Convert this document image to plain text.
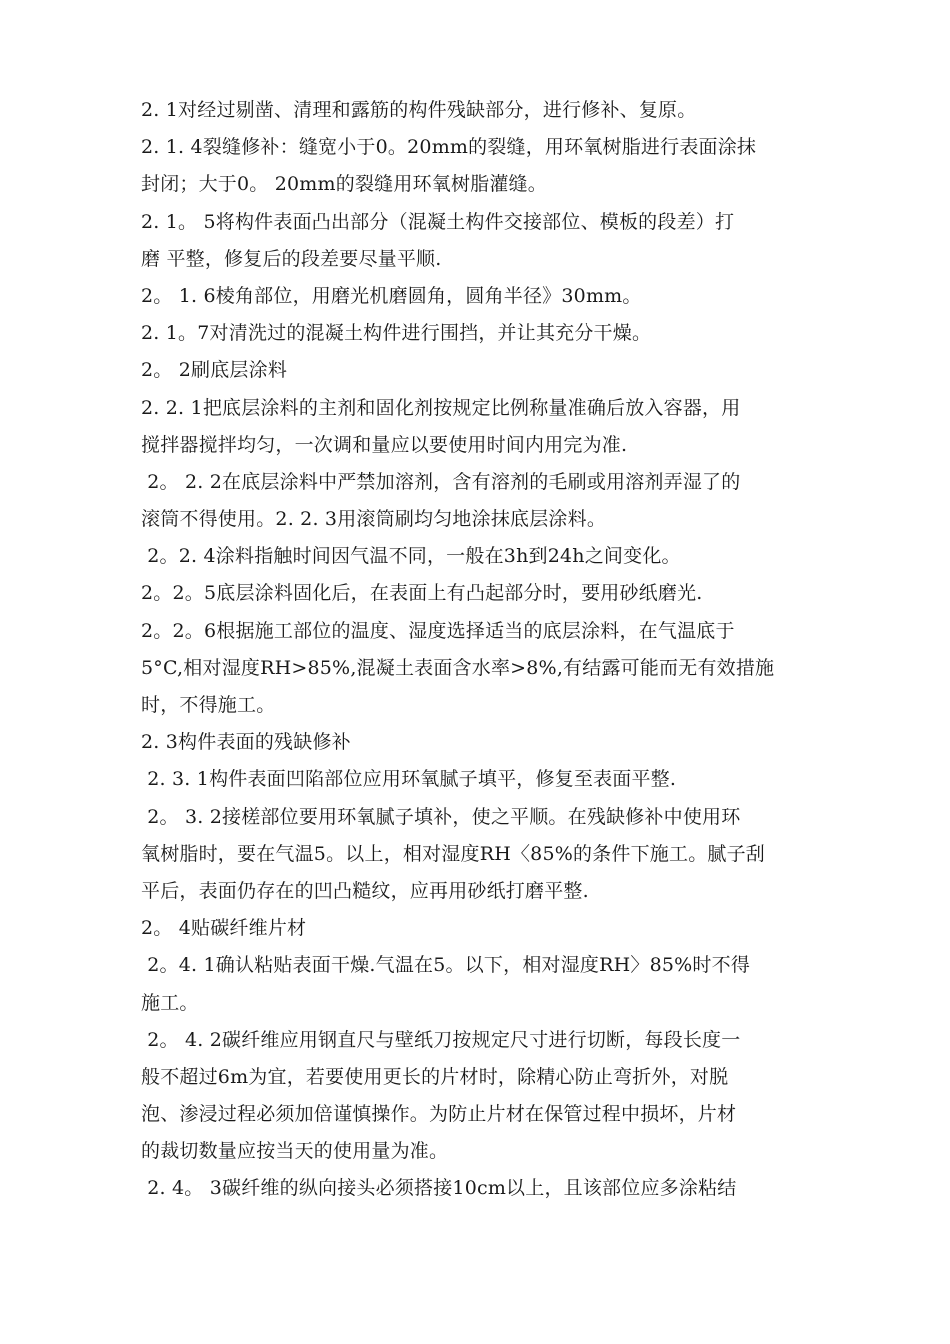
2. 1对经过剔凿、清理和露筋的构件残缺部分，进行修补、复原。
2. 1. 4裂缝修补：缝宽小于0。20mm的裂缝，用环氧树脂进行表面涂抹
封闭；大于0。 20mm的裂缝用环氧树脂灌缝。
2. 1。 5将构件表面凸出部分（混凝土构件交接部位、模板的段差）打
磨 平整，修复后的段差要尽量平顺.
2。 1. 6棱角部位，用磨光机磨圆角，圆角半径》30mm。
2. 1。7对清洗过的混凝土构件进行围挡，并让其充分干燥。
2。 2刷底层涂料
2. 2. 1把底层涂料的主剂和固化剂按规定比例称量准确后放入容器，用
搅拌器搅拌均匀，一次调和量应以要使用时间内用完为准.
2。 2. 2在底层涂料中严禁加溶剂，含有溶剂的毛刷或用溶剂弄湿了的
滚筒不得使用。2. 2. 3用滚筒刷均匀地涂抹底层涂料。
2。2. 4涂料指触时间因气温不同，一般在3h到24h之间变化。
2。2。5底层涂料固化后，在表面上有凸起部分时，要用砂纸磨光.
2。2。6根据施工部位的温度、湿度选择适当的底层涂料，在气温底于
5°C,相对湿度RH>85%,混凝土表面含水率>8%,有结露可能而无有效措施
时，不得施工。
2. 3构件表面的残缺修补
2. 3. 1构件表面凹陷部位应用环氧腻子填平，修复至表面平整.
2。 3. 2接槎部位要用环氧腻子填补，使之平顺。在残缺修补中使用环
氧树脂时，要在气温5。以上，相对湿度RH〈85%的条件下施工。腻子刮
平后，表面仍存在的凹凸糙纹，应再用砂纸打磨平整.
2。 4贴碳纤维片材
2。4. 1确认粘贴表面干燥.气温在5。以下，相对湿度RH〉85%时不得
施工。
2。 4. 2碳纤维应用钢直尺与壁纸刀按规定尺寸进行切断，每段长度一
般不超过6m为宜，若要使用更长的片材时，除精心防止弯折外，对脱
泡、渗浸过程必须加倍谨慎操作。为防止片材在保管过程中损坏，片材
的裁切数量应按当天的使用量为准。
2. 4。 3碳纤维的纵向接头必须搭接10cm以上，且该部位应多涂粘结
